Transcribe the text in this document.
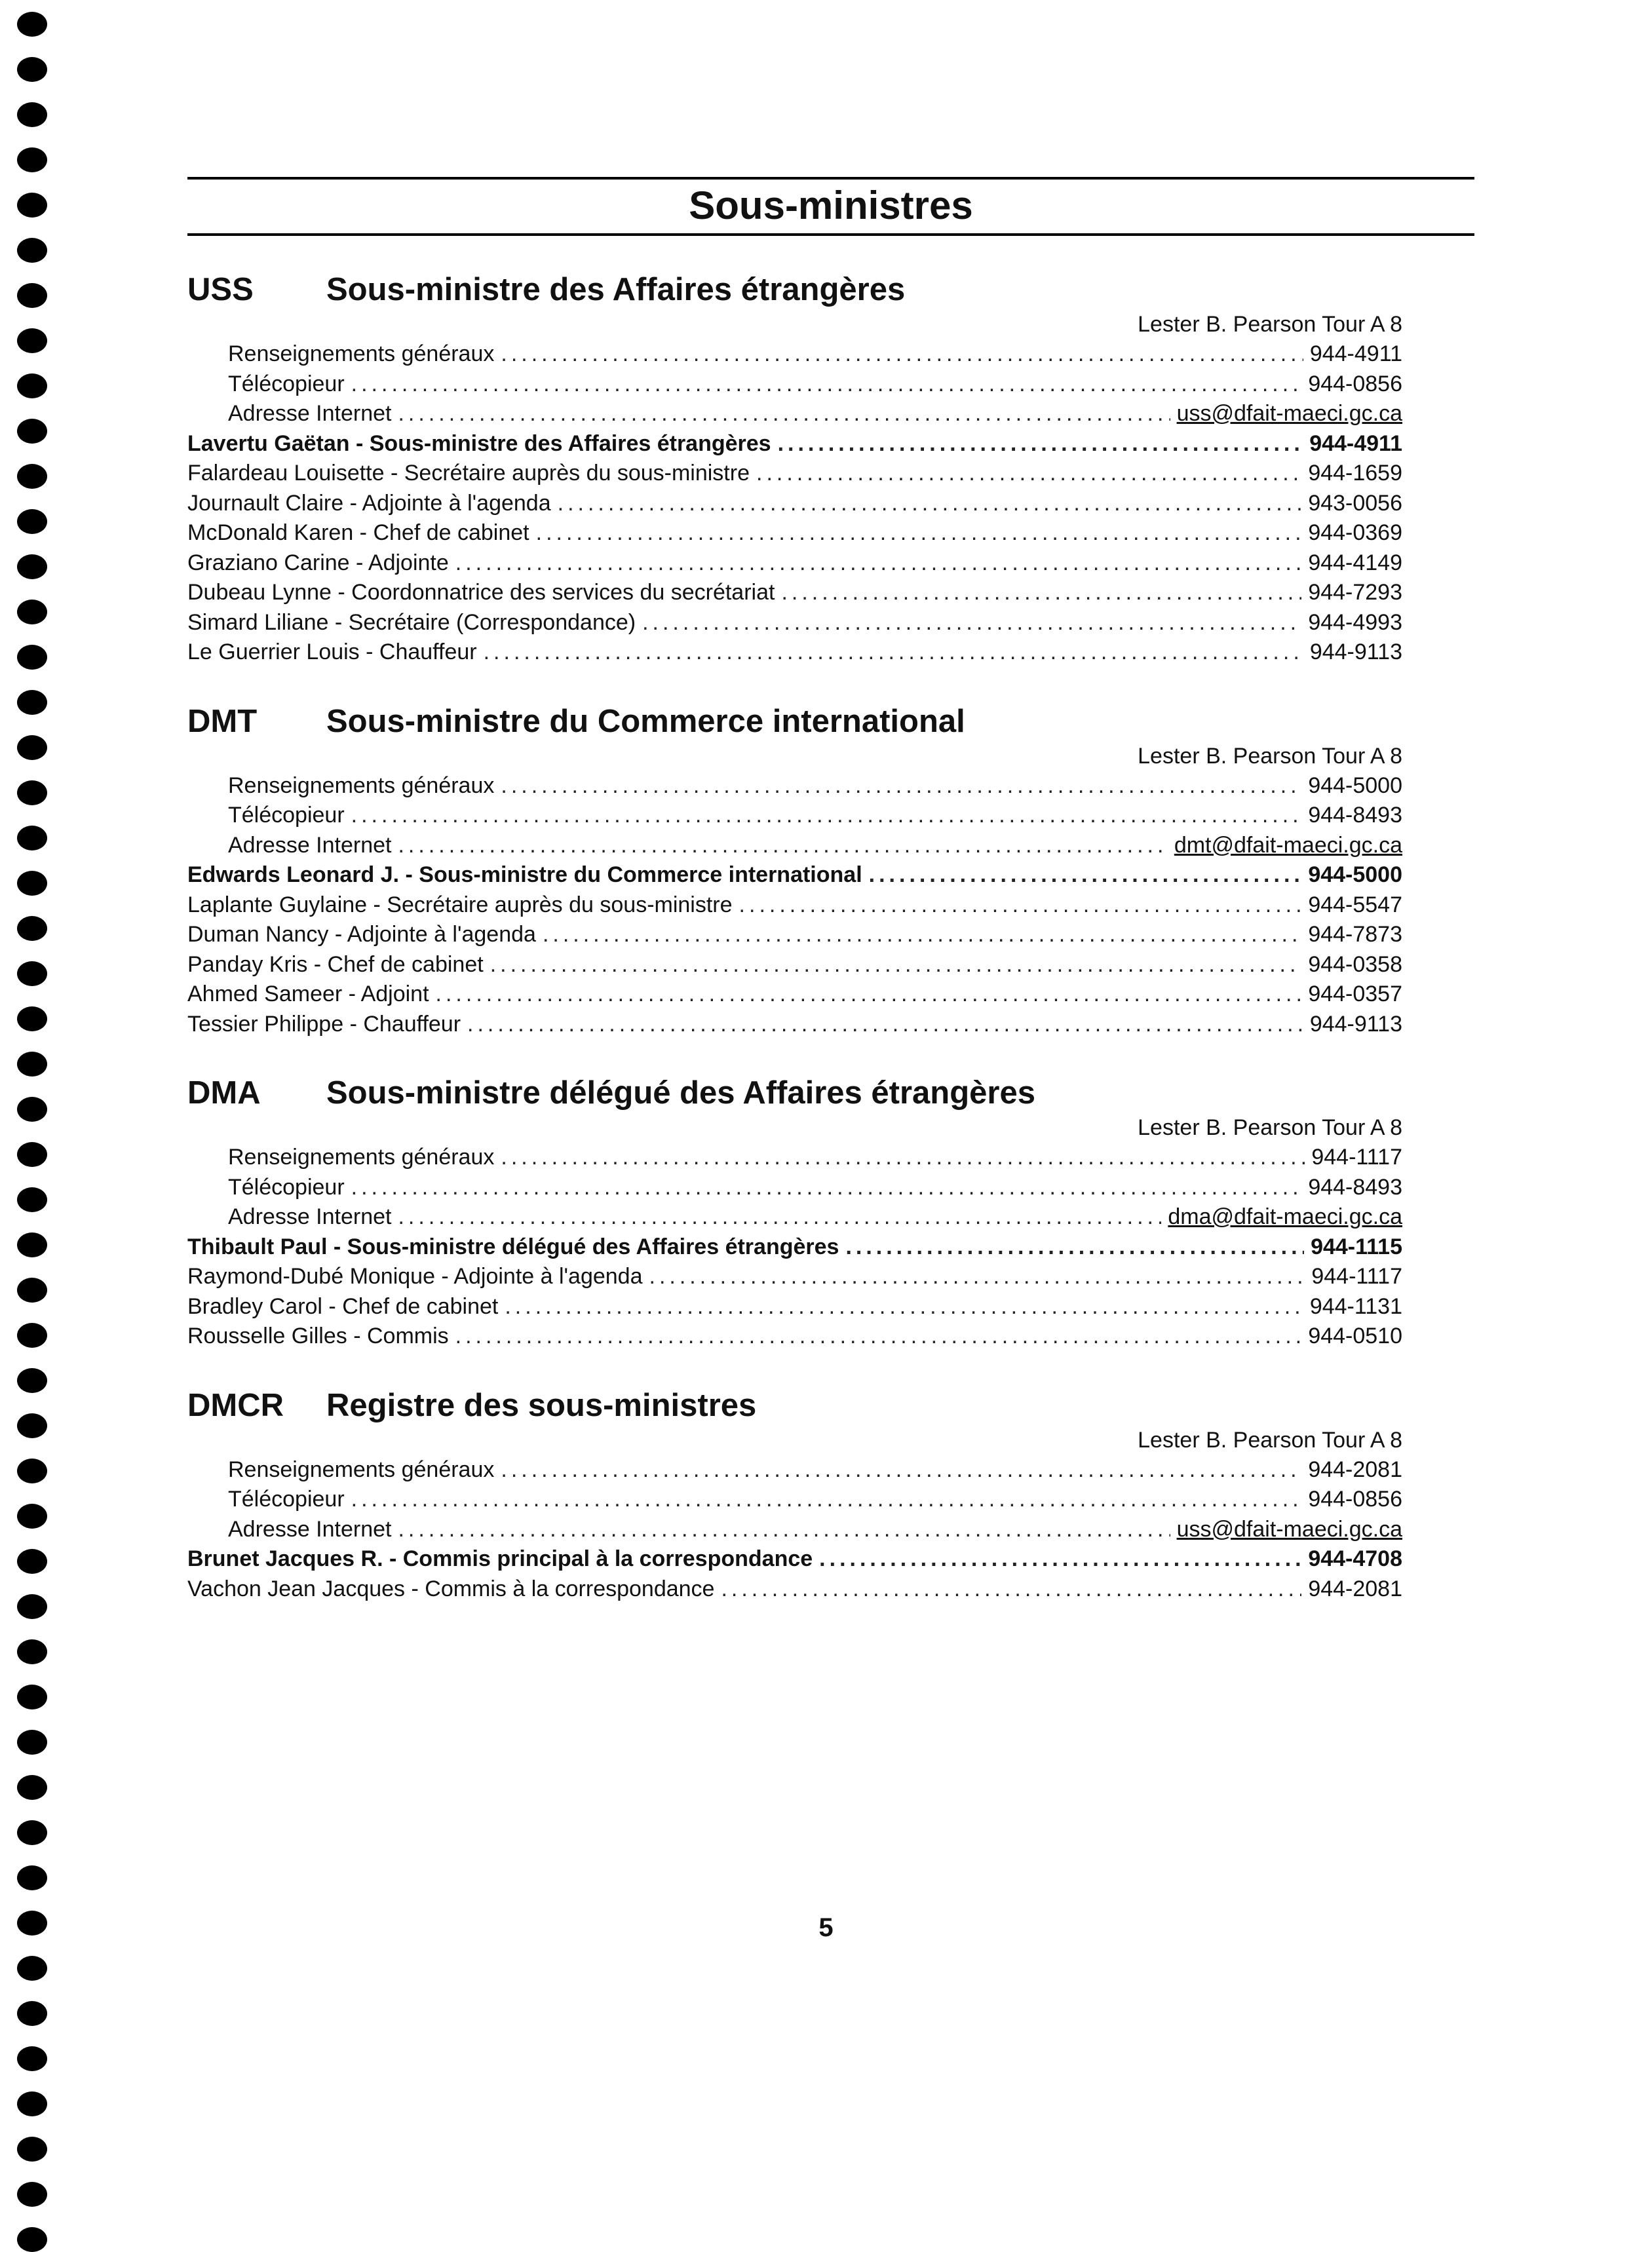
Sous-ministres
USS	Sous-ministre des Affaires étrangères
Lester B. Pearson Tour A 8
Renseignements généraux .....	944-4911
Télécopieur .....	944-0856
Adresse Internet .....	uss@dfait-maeci.gc.ca
Lavertu Gaëtan - Sous-ministre des Affaires étrangères .....	944-4911
Falardeau Louisette - Secrétaire auprès du sous-ministre .....	944-1659
Journault Claire - Adjointe à l'agenda .....	943-0056
McDonald Karen - Chef de cabinet .....	944-0369
Graziano Carine - Adjointe .....	944-4149
Dubeau Lynne - Coordonnatrice des services du secrétariat .....	944-7293
Simard Liliane - Secrétaire (Correspondance) .....	944-4993
Le Guerrier Louis - Chauffeur .....	944-9113
DMT	Sous-ministre du Commerce international
Lester B. Pearson Tour A 8
Renseignements généraux .....	944-5000
Télécopieur .....	944-8493
Adresse Internet .....	dmt@dfait-maeci.gc.ca
Edwards Leonard J. - Sous-ministre du Commerce international .....	944-5000
Laplante Guylaine - Secrétaire auprès du sous-ministre .....	944-5547
Duman Nancy - Adjointe à l'agenda .....	944-7873
Panday Kris - Chef de cabinet .....	944-0358
Ahmed Sameer - Adjoint .....	944-0357
Tessier Philippe - Chauffeur .....	944-9113
DMA	Sous-ministre délégué des Affaires étrangères
Lester B. Pearson Tour A 8
Renseignements généraux .....	944-1117
Télécopieur .....	944-8493
Adresse Internet .....	dma@dfait-maeci.gc.ca
Thibault Paul - Sous-ministre délégué des Affaires étrangères .....	944-1115
Raymond-Dubé Monique - Adjointe à l'agenda .....	944-1117
Bradley Carol - Chef de cabinet .....	944-1131
Rousselle Gilles - Commis .....	944-0510
DMCR	Registre des sous-ministres
Lester B. Pearson Tour A 8
Renseignements généraux .....	944-2081
Télécopieur .....	944-0856
Adresse Internet .....	uss@dfait-maeci.gc.ca
Brunet Jacques R. - Commis principal à la correspondance .....	944-4708
Vachon Jean Jacques - Commis à la correspondance .....	944-2081
5
